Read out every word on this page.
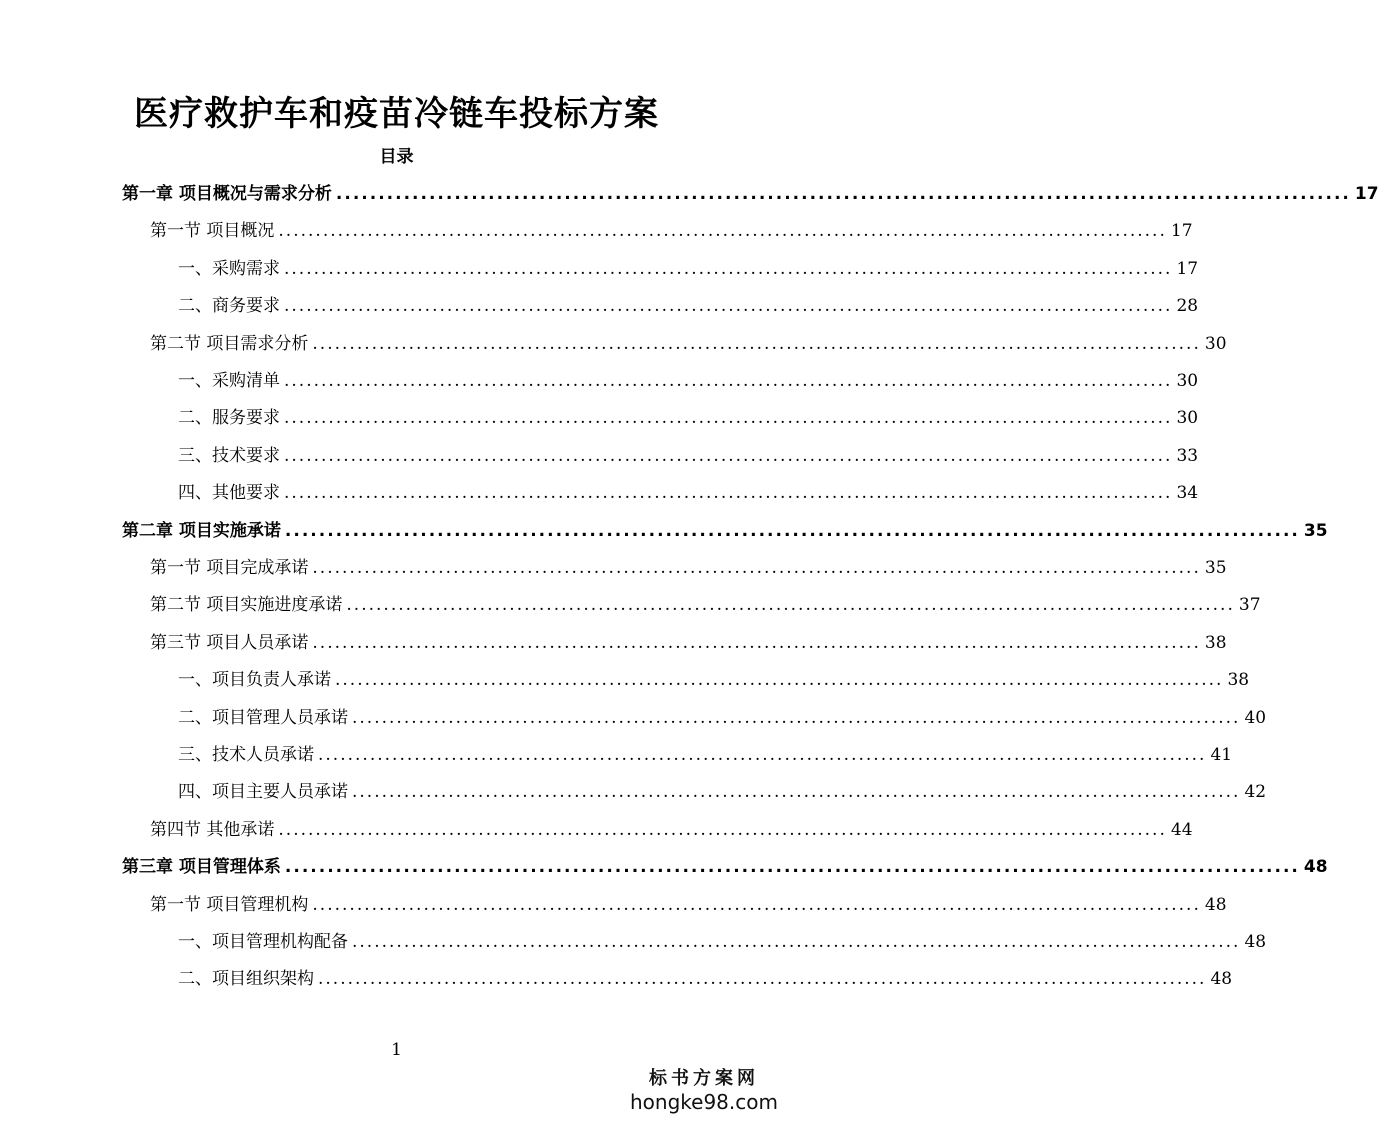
医疗救护车和疫苗冷链车投标方案
目录
第一章 项目概况与需求分析 ........................................................................................................................ 17
第一节 项目概况 ........................................................................................................................ 17
一、采购需求 ........................................................................................................................ 17
二、商务要求 ........................................................................................................................ 28
第二节 项目需求分析 ........................................................................................................................ 30
一、采购清单 ........................................................................................................................ 30
二、服务要求 ........................................................................................................................ 30
三、技术要求 ........................................................................................................................ 33
四、其他要求 ........................................................................................................................ 34
第二章 项目实施承诺 ........................................................................................................................ 35
第一节 项目完成承诺 ........................................................................................................................ 35
第二节 项目实施进度承诺 ........................................................................................................................ 37
第三节 项目人员承诺 ........................................................................................................................ 38
一、项目负责人承诺 ........................................................................................................................ 38
二、项目管理人员承诺 ........................................................................................................................ 40
三、技术人员承诺 ........................................................................................................................ 41
四、项目主要人员承诺 ........................................................................................................................ 42
第四节 其他承诺 ........................................................................................................................ 44
第三章 项目管理体系 ........................................................................................................................ 48
第一节 项目管理机构 ........................................................................................................................ 48
一、项目管理机构配备 ........................................................................................................................ 48
二、项目组织架构 ........................................................................................................................ 48
1
标书方案网
hongke98.com
